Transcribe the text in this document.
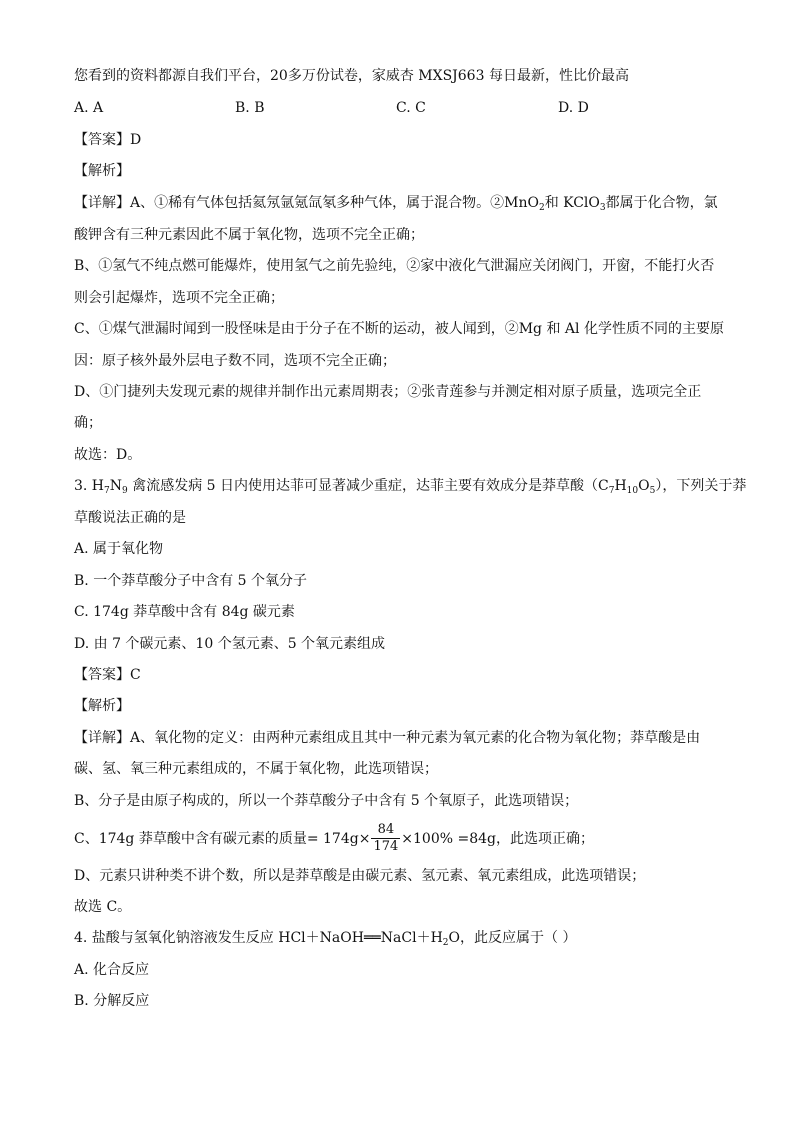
您看到的资料都源自我们平台，20多万份试卷，家威杏 MXSJ663 每日最新，性比价最高
A. A	B. B	C. C	D. D
【答案】D
【解析】
【详解】A、①稀有气体包括氦氖氩氪氙氡多种气体，属于混合物。②MnO$_2$和 KClO$_3$都属于化合物，氯
酸钾含有三种元素因此不属于氧化物，选项不完全正确；
B、①氢气不纯点燃可能爆炸，使用氢气之前先验纯，②家中液化气泄漏应关闭阀门，开窗，不能打火否
则会引起爆炸，选项不完全正确；
C、①煤气泄漏时闻到一股怪味是由于分子在不断的运动，被人闻到，②Mg 和 Al 化学性质不同的主要原
因：原子核外最外层电子数不同，选项不完全正确；
D、①门捷列夫发现元素的规律并制作出元素周期表；②张青莲参与并测定相对原子质量，选项完全正
确；
故选：D。
3. $H_7N_9$ 禽流感发病 5 日内使用达菲可显著减少重症，达菲主要有效成分是莽草酸$(C_7H_{10}O_5)$，下列关于莽
草酸说法正确的是
A. 属于氧化物
B. 一个莽草酸分子中含有 5 个氧分子
C. 174g 莽草酸中含有 84g 碳元素
D. 由 7 个碳元素、10 个氢元素、5 个氧元素组成
【答案】C
【解析】
【详解】A、氧化物的定义：由两种元素组成且其中一种元素为氧元素的化合物为氧化物；莽草酸是由
碳、氢、氧三种元素组成的，不属于氧化物，此选项错误；
B、分子是由原子构成的，所以一个莽草酸分子中含有 5 个氧原子，此选项错误；
C、174g 莽草酸中含有碳元素的质量= $174g\times \frac{84}{174} \times 100\% =84g$，此选项正确；
D、元素只讲种类不讲个数，所以是莽草酸是由碳元素、氢元素、氧元素组成，此选项错误；
故选 C。
4. 盐酸与氢氧化钠溶液发生反应 $HCl+NaOH══NaCl+H_2O$，此反应属于（ ）
A. 化合反应
B. 分解反应
